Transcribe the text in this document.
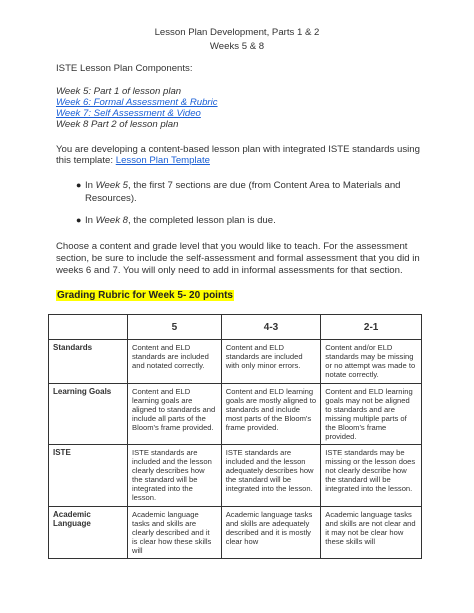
Lesson Plan Development, Parts 1 & 2
Weeks 5 & 8
ISTE Lesson Plan Components:
Week 5: Part 1 of lesson plan
Week 6: Formal Assessment & Rubric
Week 7: Self Assessment & Video
Week 8 Part 2 of lesson plan
You are developing a content-based lesson plan with integrated ISTE standards using
this template: Lesson Plan Template
● In Week 5, the first 7 sections are due (from Content Area to Materials and
Resources).
● In Week 8, the completed lesson plan is due.
Choose a content and grade level that you would like to teach. For the assessment
section, be sure to include the self-assessment and formal assessment that you did in
weeks 6 and 7. You will only need to add in informal assessments for that section.
Grading Rubric for Week 5- 20 points
	5	4-3	2-1
Standards	Content and ELD standards are included and notated correctly.	Content and ELD standards are included with only minor errors.	Content and/or ELD standards may be missing or no attempt was made to notate correctly.
Learning Goals	Content and ELD learning goals are aligned to standards and include all parts of the Bloom's frame provided.	Content and ELD learning goals are mostly aligned to standards and include most parts of the Bloom's frame provided.	Content and ELD learning goals may not be aligned to standards and are missing multiple parts of the Bloom's frame provided.
ISTE	ISTE standards are included and the lesson clearly describes how the standard will be integrated into the lesson.	ISTE standards are included and the lesson adequately describes how the standard will be integrated into the lesson.	ISTE standards may be missing or the lesson does not clearly describe how the standard will be integrated into the lesson.
Academic Language	Academic language tasks and skills are clearly described and it is clear how these skills will	Academic language tasks and skills are adequately described and it is mostly clear how	Academic language tasks and skills are not clear and it may not be clear how these skills will
